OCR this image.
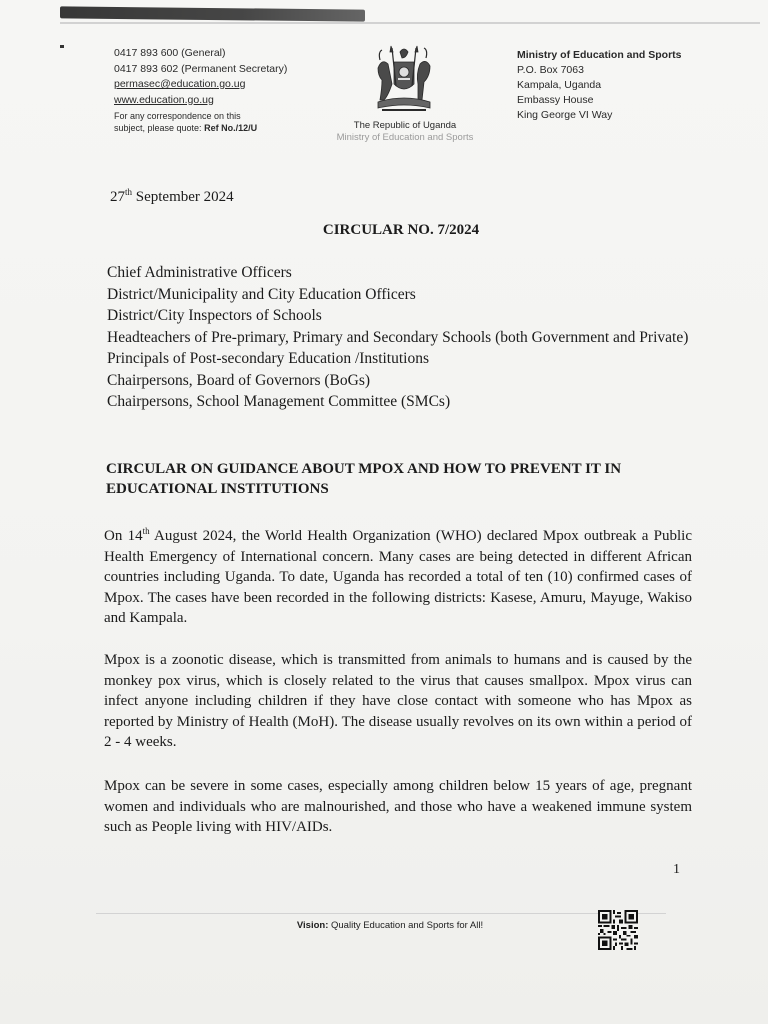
0417 893 600 (General)
0417 893 602 (Permanent Secretary)
permasec@education.go.ug
www.education.go.ug
For any correspondence on this
subject, please quote: Ref No./12/U	The Republic of Uganda
Ministry of Education and Sports
Ministry of Education and Sports
P.O. Box 7063
Kampala, Uganda
Embassy House
King George VI Way
27th September 2024
CIRCULAR NO. 7/2024
Chief Administrative Officers
District/Municipality and City Education Officers
District/City Inspectors of Schools
Headteachers of Pre-primary, Primary and Secondary Schools (both Government and Private)
Principals of Post-secondary Education /Institutions
Chairpersons, Board of Governors (BoGs)
Chairpersons, School Management Committee (SMCs)
CIRCULAR ON GUIDANCE ABOUT MPOX AND HOW TO PREVENT IT IN EDUCATIONAL INSTITUTIONS
On 14th August 2024, the World Health Organization (WHO) declared Mpox outbreak a Public Health Emergency of International concern. Many cases are being detected in different African countries including Uganda. To date, Uganda has recorded a total of ten (10) confirmed cases of Mpox. The cases have been recorded in the following districts: Kasese, Amuru, Mayuge, Wakiso and Kampala.
Mpox is a zoonotic disease, which is transmitted from animals to humans and is caused by the monkey pox virus, which is closely related to the virus that causes smallpox. Mpox virus can infect anyone including children if they have close contact with someone who has Mpox as reported by Ministry of Health (MoH). The disease usually revolves on its own within a period of 2 - 4 weeks.
Mpox can be severe in some cases, especially among children below 15 years of age, pregnant women and individuals who are malnourished, and those who have a weakened immune system such as People living with HIV/AIDs.
1
Vision: Quality Education and Sports for All!
